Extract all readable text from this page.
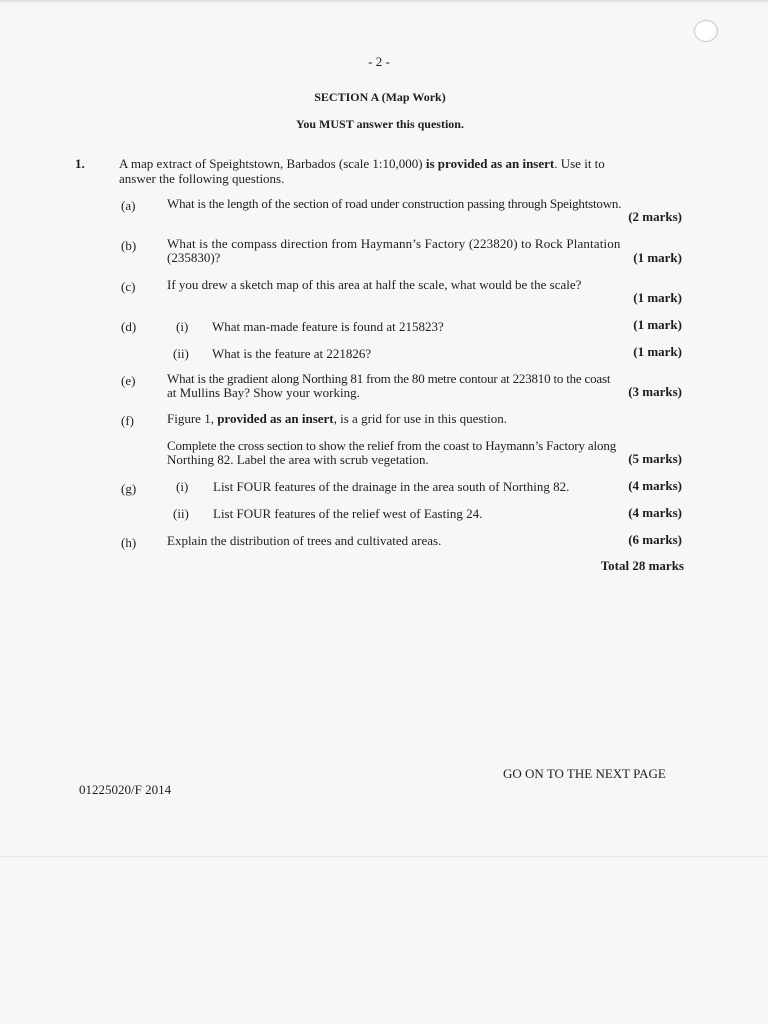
- 2 -
SECTION A (Map Work)
You MUST answer this question.
1.	A map extract of Speightstown, Barbados (scale 1:10,000) is provided as an insert. Use it to
answer the following questions.
(a) What is the length of the section of road under construction passing through Speightstown.
(2 marks)
(b) What is the compass direction from Haymann’s Factory (223820) to Rock Plantation
(235830)?	(1 mark)
(c) If you drew a sketch map of this area at half the scale, what would be the scale?
(1 mark)
(d)	(i) What man-made feature is found at 215823?	(1 mark)
(ii) What is the feature at 221826?	(1 mark)
(e) What is the gradient along Northing 81 from the 80 metre contour at 223810 to the coast
at Mullins Bay? Show your working.	(3 marks)
(f)	Figure 1, provided as an insert, is a grid for use in this question.
Complete the cross section to show the relief from the coast to Haymann’s Factory along
Northing 82. Label the area with scrub vegetation.	(5 marks)
(g)	(i) List FOUR features of the drainage in the area south of Northing 82.	(4 marks)
(ii) List FOUR features of the relief west of Easting 24.	(4 marks)
(h) Explain the distribution of trees and cultivated areas.	(6 marks)
Total 28 marks
GO ON TO THE NEXT PAGE
01225020/F 2014
